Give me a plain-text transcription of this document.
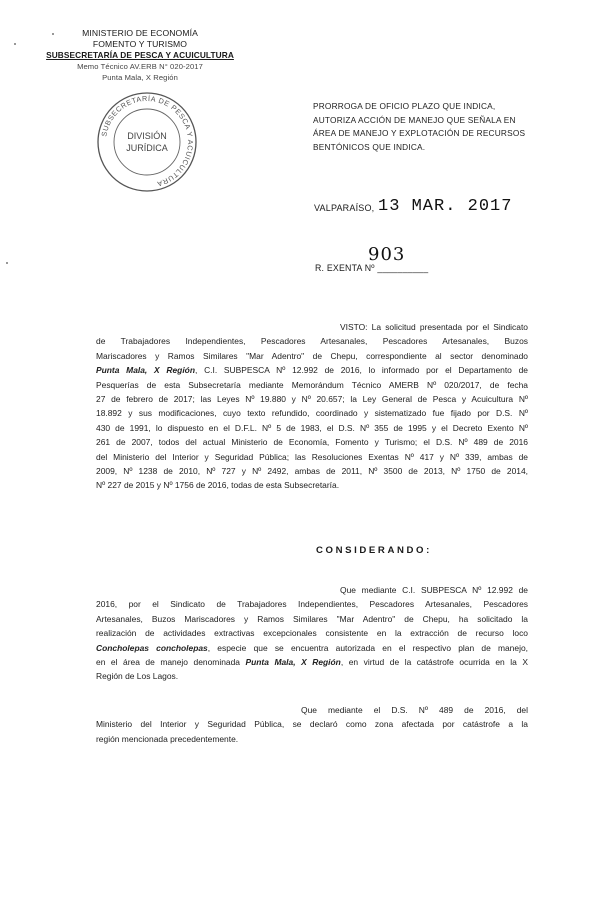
MINISTERIO DE ECONOMÍA
FOMENTO Y TURISMO
SUBSECRETARÍA DE PESCA Y ACUICULTURA
Memo Técnico AV.ERB N° 020-2017
Punta Mala, X Región
SUBSECRETARÍA DE PESCA Y ACUICULTURA
DIVISIÓN
JURÍDICA
PRORROGA DE OFICIO PLAZO QUE INDICA,
AUTORIZA ACCIÓN DE MANEJO QUE SEÑALA EN
ÁREA DE MANEJO Y EXPLOTACIÓN DE RECURSOS
BENTÓNICOS QUE INDICA.
VALPARAÍSO, 13 MAR. 2017
903
R. EXENTA Nº __________
VISTO: La solicitud presentada por el Sindicato
de Trabajadores Independientes, Pescadores Artesanales, Pescadores Artesanales, Buzos
Mariscadores y Ramos Similares "Mar Adentro" de Chepu, correspondiente al sector denominado
Punta Mala, X Región, C.I. SUBPESCA Nº 12.992 de 2016, lo informado por el Departamento de
Pesquerías de esta Subsecretaría mediante Memorándum Técnico AMERB Nº 020/2017, de fecha
27 de febrero de 2017; las Leyes Nº 19.880 y Nº 20.657; la Ley General de Pesca y Acuicultura Nº
18.892 y sus modificaciones, cuyo texto refundido, coordinado y sistematizado fue fijado por D.S. Nº
430 de 1991, lo dispuesto en el D.F.L. Nº 5 de 1983, el D.S. Nº 355 de 1995 y el Decreto Exento Nº
261 de 2007, todos del actual Ministerio de Economía, Fomento y Turismo; el D.S. Nº 489 de 2016
del Ministerio del Interior y Seguridad Pública; las Resoluciones Exentas Nº 417 y Nº 339, ambas de
2009, Nº 1238 de 2010, Nº 727 y Nº 2492, ambas de 2011, Nº 3500 de 2013, Nº 1750 de 2014,
Nº 227 de 2015 y Nº 1756 de 2016, todas de esta Subsecretaría.
CONSIDERANDO:
Que mediante C.I. SUBPESCA Nº 12.992 de
2016, por el Sindicato de Trabajadores Independientes, Pescadores Artesanales, Pescadores
Artesanales, Buzos Mariscadores y Ramos Similares "Mar Adentro" de Chepu, ha solicitado la
realización de actividades extractivas excepcionales consistente en la extracción de recurso loco
Concholepas concholepas, especie que se encuentra autorizada en el respectivo plan de manejo,
en el área de manejo denominada Punta Mala, X Región, en virtud de la catástrofe ocurrida en la X
Región de Los Lagos.
Que mediante el D.S. Nº 489 de 2016, del
Ministerio del Interior y Seguridad Pública, se declaró como zona afectada por catástrofe a la
región mencionada precedentemente.
